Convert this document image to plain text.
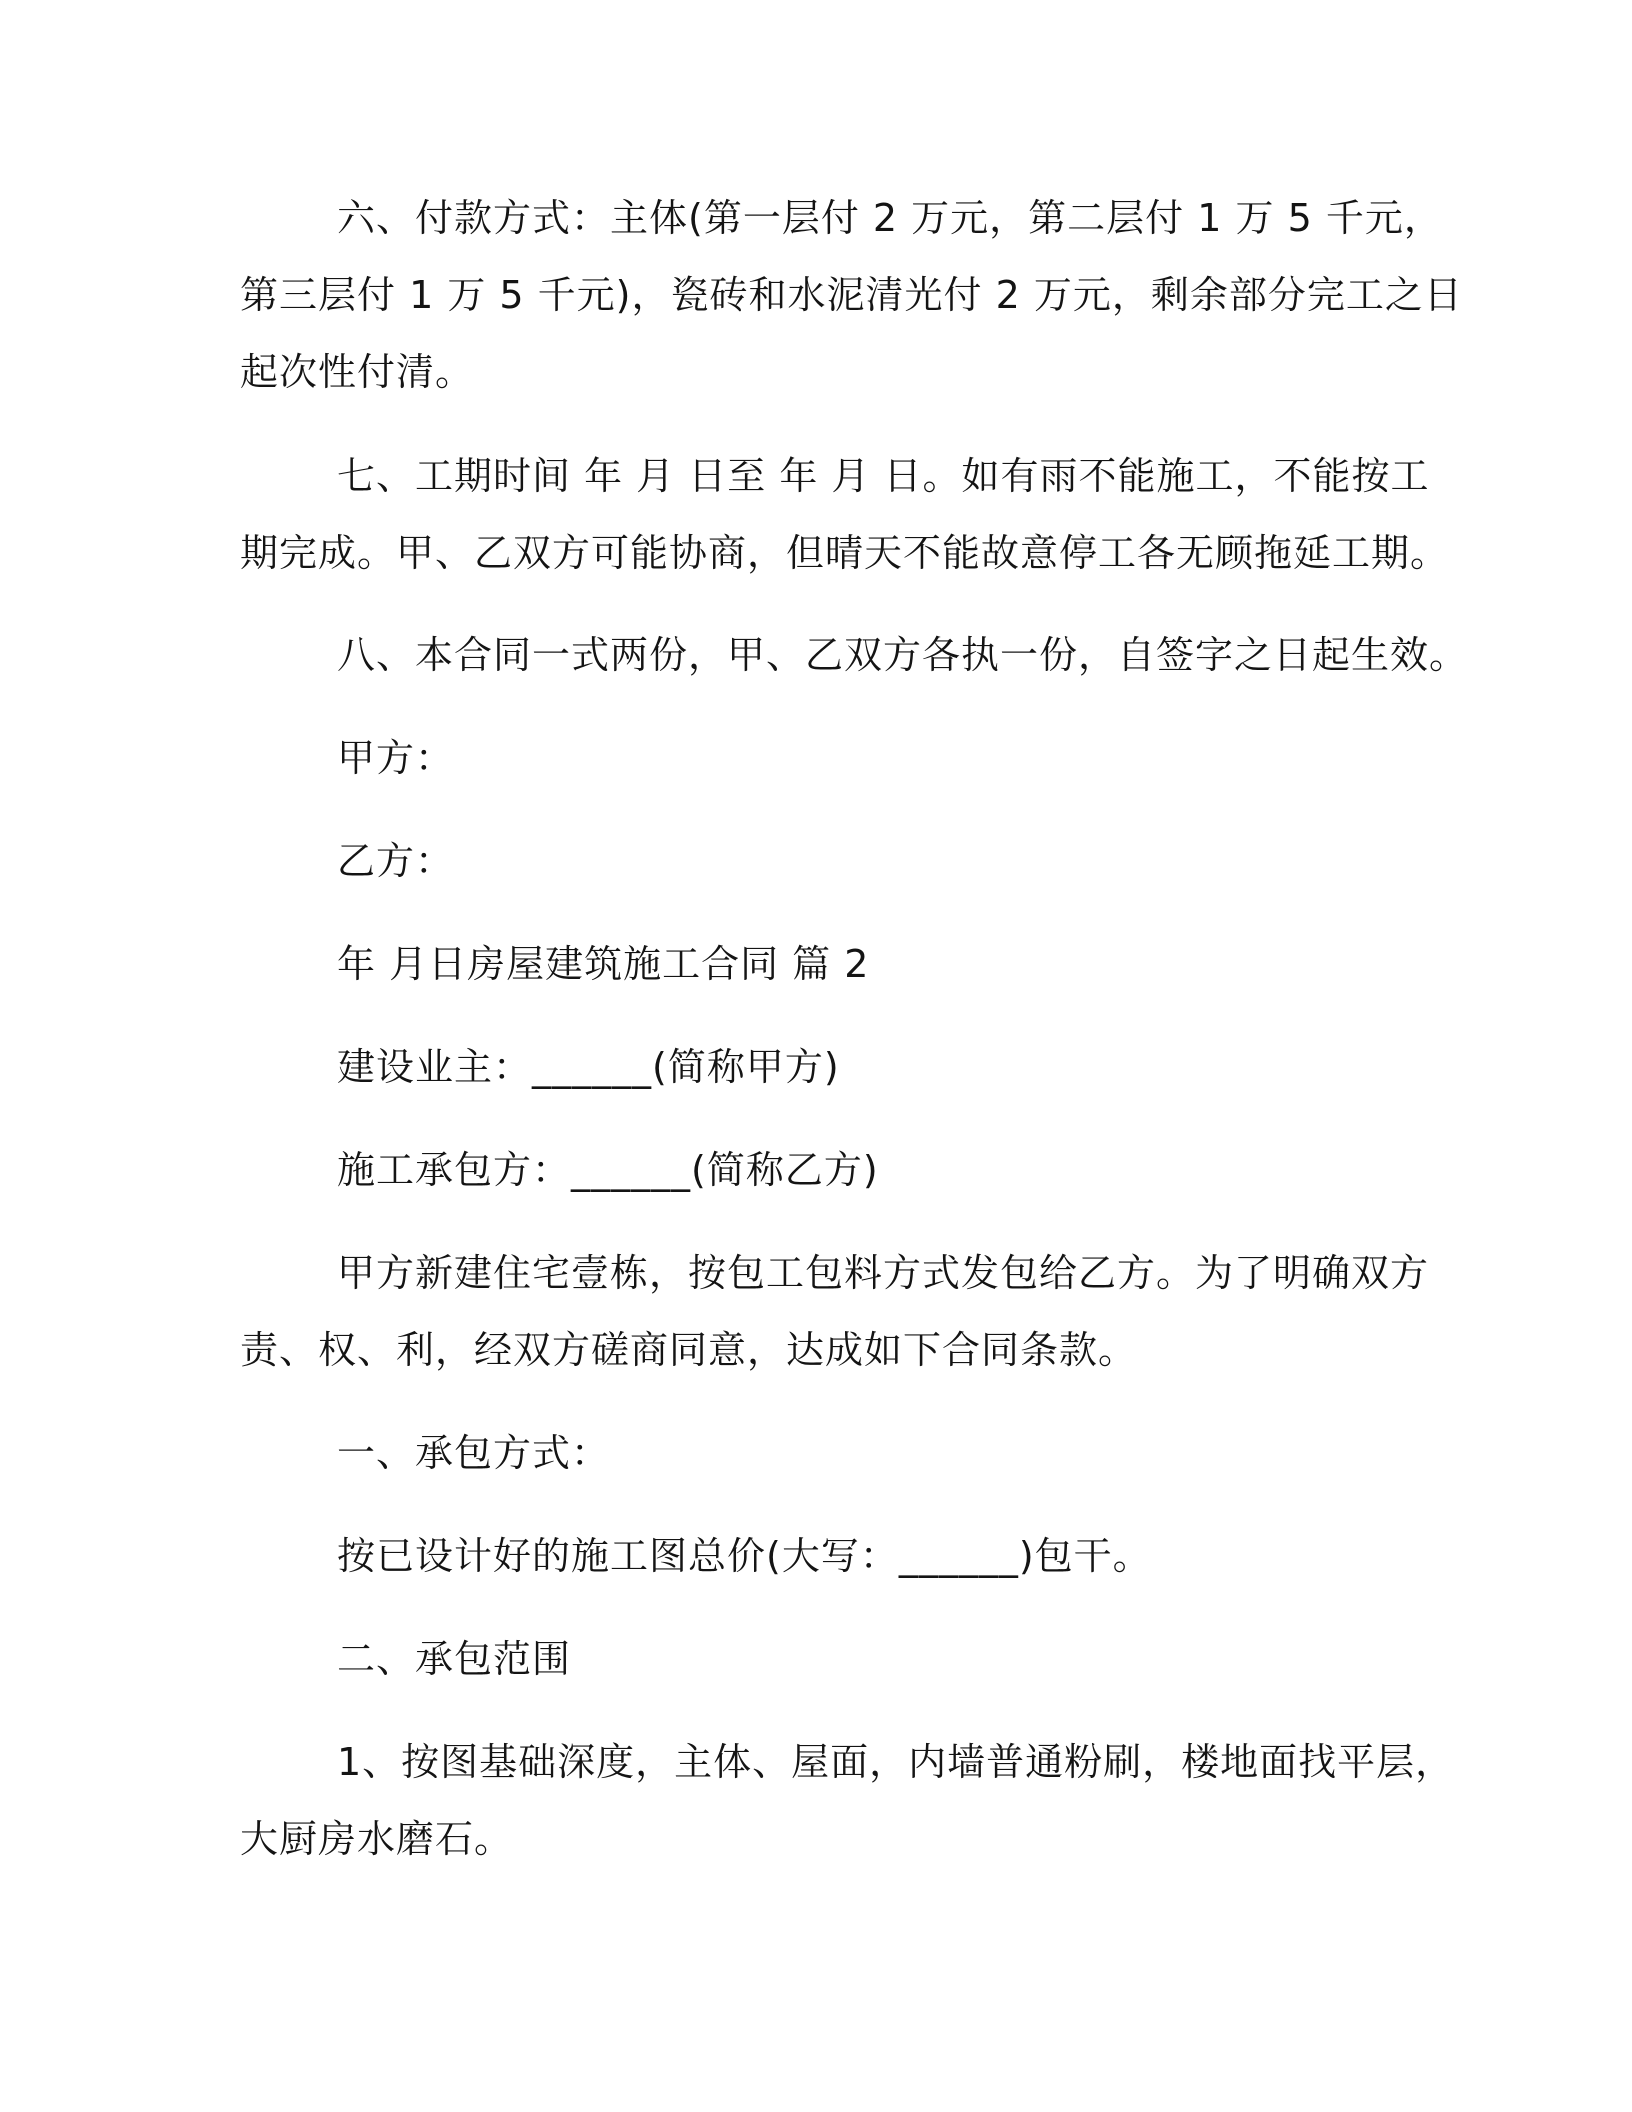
六、付款方式：主体(第一层付 2 万元，第二层付 1 万 5 千元，
第三层付 1 万 5 千元)，瓷砖和水泥清光付 2 万元，剩余部分完工之日
起次性付清。
七、工期时间 年 月 日至 年 月 日。如有雨不能施工，不能按工
期完成。甲、乙双方可能协商，但晴天不能故意停工各无顾拖延工期。
八、本合同一式两份，甲、乙双方各执一份，自签字之日起生效。
甲方：
乙方：
年 月日房屋建筑施工合同 篇 2
建设业主：______(简称甲方)
施工承包方：______(简称乙方)
甲方新建住宅壹栋，按包工包料方式发包给乙方。为了明确双方
责、权、利，经双方磋商同意，达成如下合同条款。
一、承包方式：
按已设计好的施工图总价(大写：______)包干。
二、承包范围
1、按图基础深度，主体、屋面，内墙普通粉刷，楼地面找平层，
大厨房水磨石。
